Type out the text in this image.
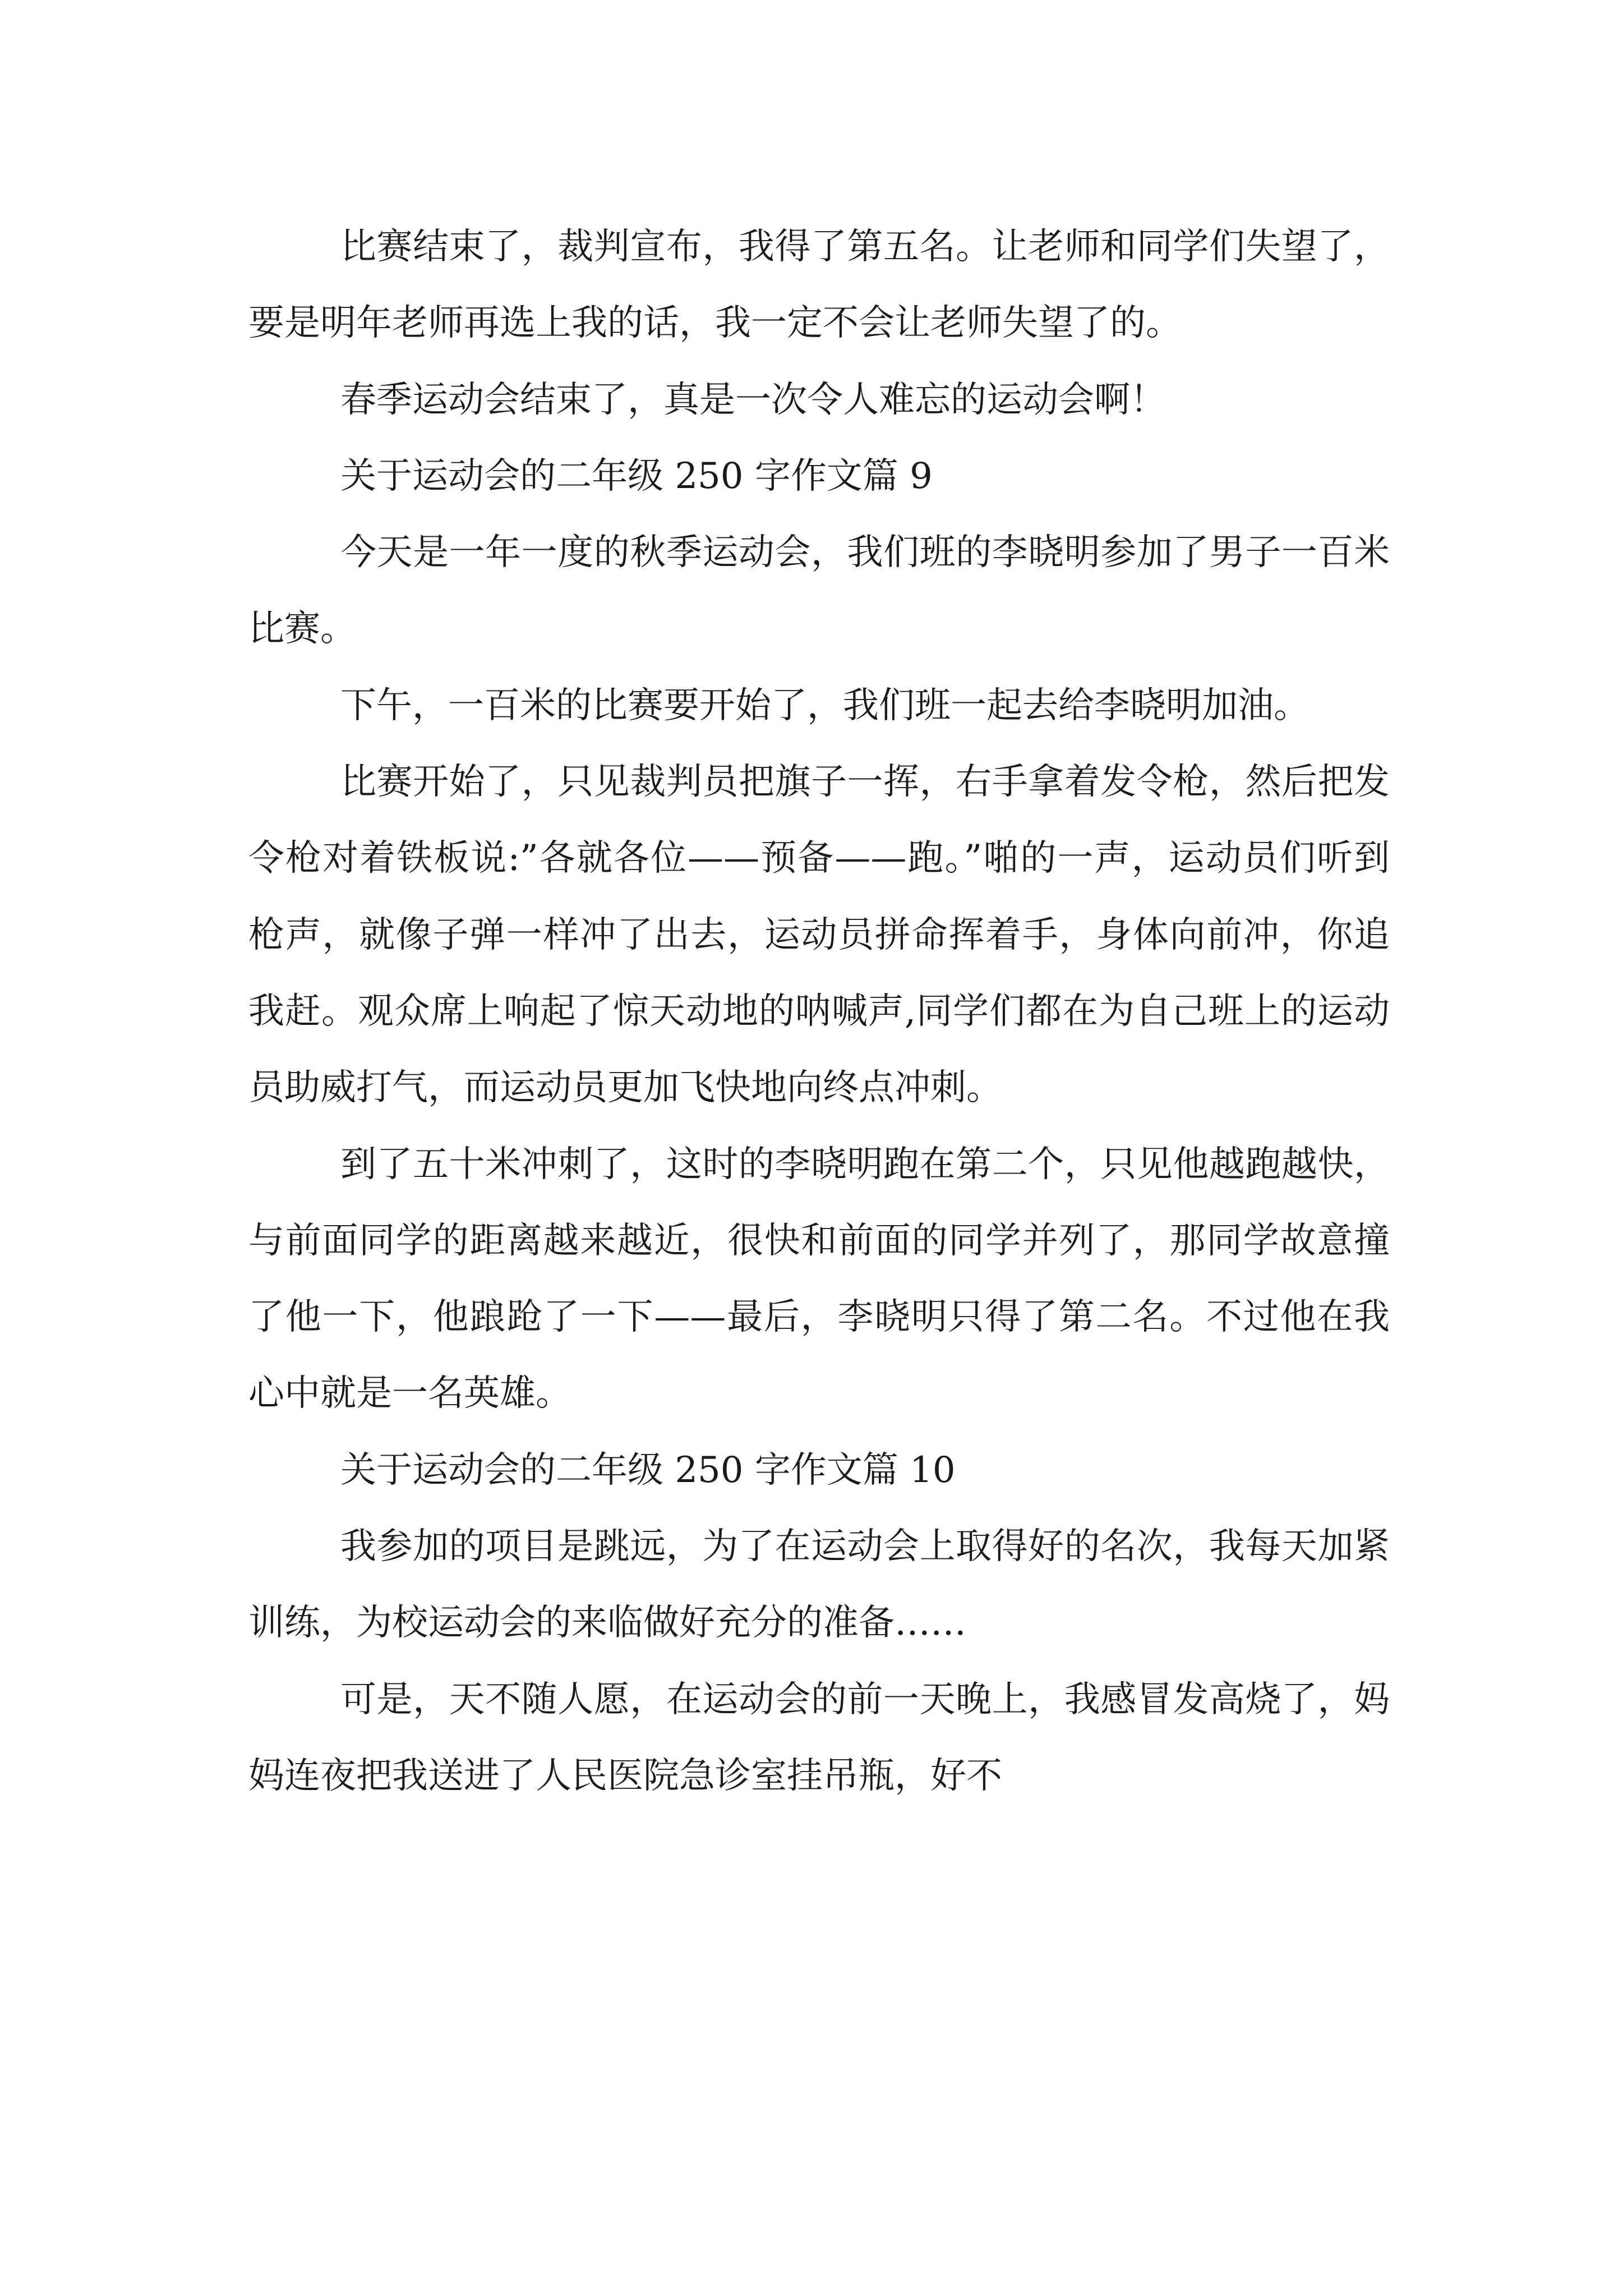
比赛结束了，裁判宣布，我得了第五名。让老师和同学们失望了，要是明年老师再选上我的话，我一定不会让老师失望了的。

春季运动会结束了，真是一次令人难忘的运动会啊！

关于运动会的二年级 250 字作文篇 9

今天是一年一度的秋季运动会，我们班的李晓明参加了男子一百米比赛。

下午，一百米的比赛要开始了，我们班一起去给李晓明加油。

比赛开始了，只见裁判员把旗子一挥，右手拿着发令枪，然后把发令枪对着铁板说:”各就各位——预备——跑。”啪的一声，运动员们听到枪声，就像子弹一样冲了出去，运动员拼命挥着手，身体向前冲，你追我赶。观众席上响起了惊天动地的呐喊声,同学们都在为自己班上的运动员助威打气，而运动员更加飞快地向终点冲刺。

到了五十米冲刺了，这时的李晓明跑在第二个，只见他越跑越快，与前面同学的距离越来越近，很快和前面的同学并列了，那同学故意撞了他一下，他踉跄了一下——最后，李晓明只得了第二名。不过他在我心中就是一名英雄。

关于运动会的二年级 250 字作文篇 10

我参加的项目是跳远，为了在运动会上取得好的名次，我每天加紧训练，为校运动会的来临做好充分的准备……

可是，天不随人愿，在运动会的前一天晚上，我感冒发高烧了，妈妈连夜把我送进了人民医院急诊室挂吊瓶，好不
